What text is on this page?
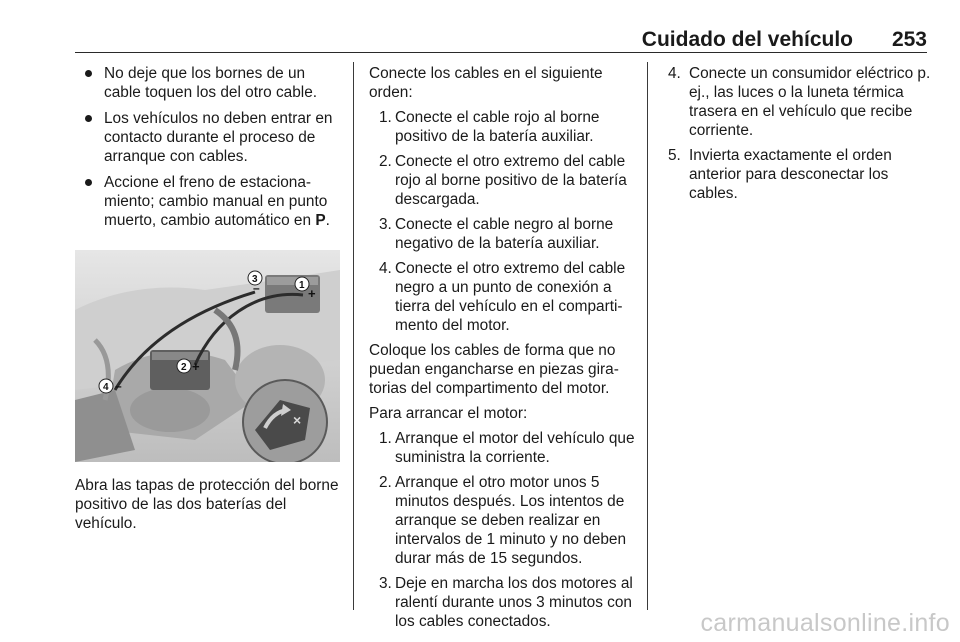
Cuidado del vehículo 253
No deje que los bornes de un cable toquen los del otro cable.
Los vehículos no deben entrar en contacto durante el proceso de arranque con cables.
Accione el freno de estaciona‐ miento; cambio manual en punto muerto, cambio automático en P.
×
3
–	1
+
2 +
4 –

Abra las tapas de protección del borne positivo de las dos baterías del vehículo.

Conecte los cables en el siguiente orden:

1. Conecte el cable rojo al borne positivo de la batería auxiliar.
2. Conecte el otro extremo del cable rojo al borne positivo de la batería descargada.
3. Conecte el cable negro al borne negativo de la batería auxiliar.
4. Conecte el otro extremo del cable negro a un punto de conexión a tierra del vehículo en el comparti‐ mento del motor.

Coloque los cables de forma que no puedan engancharse en piezas gira‐ torias del compartimento del motor.

Para arrancar el motor:

1. Arranque el motor del vehículo que suministra la corriente.
2. Arranque el otro motor unos 5 minutos después. Los intentos de arranque se deben realizar en intervalos de 1 minuto y no deben durar más de 15 segundos.
3. Deje en marcha los dos motores al ralentí durante unos 3 minutos con los cables conectados.
4. Conecte un consumidor eléctrico p. ej., las luces o la luneta térmica trasera en el vehículo que recibe corriente.
5. Invierta exactamente el orden anterior para desconectar los cables.
carmanualsonline.info
